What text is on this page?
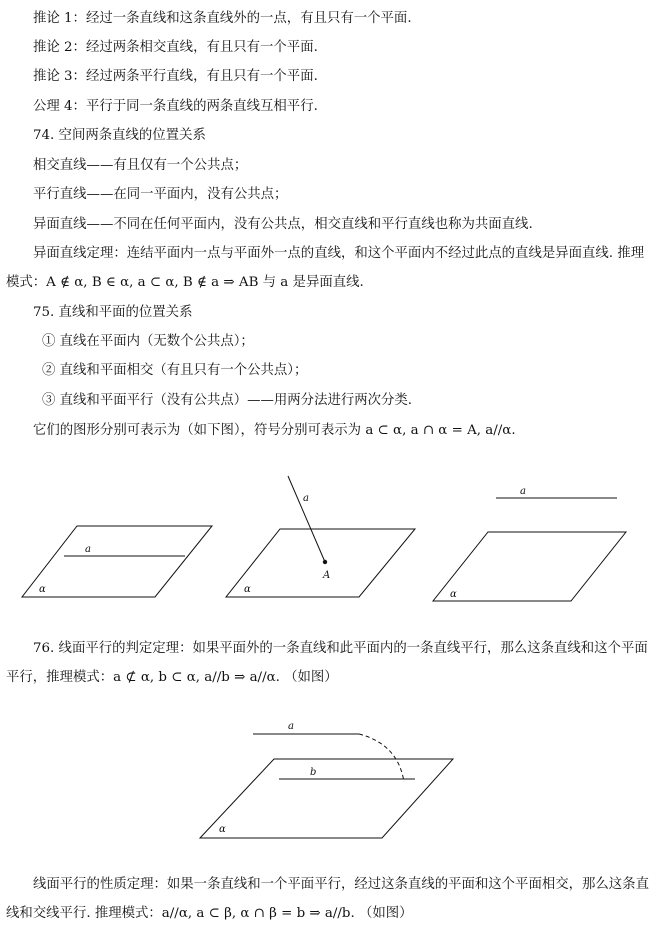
推论 1：经过一条直线和这条直线外的一点，有且只有一个平面.
推论 2：经过两条相交直线，有且只有一个平面.
推论 3：经过两条平行直线，有且只有一个平面.
公理 4：平行于同一条直线的两条直线互相平行.
74. 空间两条直线的位置关系
相交直线——有且仅有一个公共点；
平行直线——在同一平面内，没有公共点；
异面直线——不同在任何平面内，没有公共点，相交直线和平行直线也称为共面直线.
异面直线定理：连结平面内一点与平面外一点的直线，和这个平面内不经过此点的直线是异面直线. 推理
模式：A ∉ α, B ∈ α, a ⊂ α, B ∉ a ⇒ AB 与 a 是异面直线.
75. 直线和平面的位置关系
① 直线在平面内（无数个公共点）；
② 直线和平面相交（有且只有一个公共点）；
③ 直线和平面平行（没有公共点）——用两分法进行两次分类.
它们的图形分别可表示为（如下图），符号分别可表示为 a ⊂ α, a ∩ α = A, a//α.
76. 线面平行的判定定理：如果平面外的一条直线和此平面内的一条直线平行，那么这条直线和这个平面
平行，推理模式：a ⊄ α, b ⊂ α, a//b ⇒ a//α. （如图）
线面平行的性质定理：如果一条直线和一个平面平行，经过这条直线的平面和这个平面相交，那么这条直
线和交线平行. 推理模式：a//α, a ⊂ β, α ∩ β = b ⇒ a//b. （如图）
a
α
a
A
α
a
α
a
b
α
